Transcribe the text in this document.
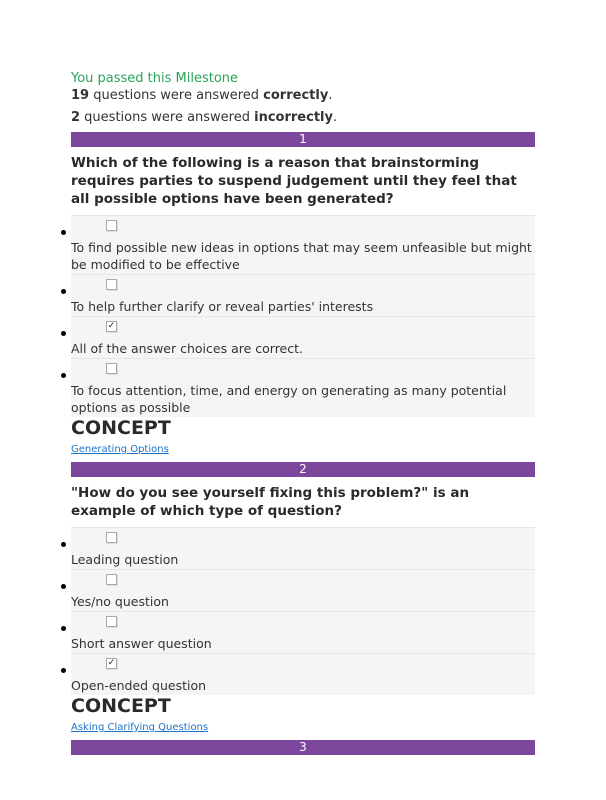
You passed this Milestone
19 questions were answered correctly.
2 questions were answered incorrectly.
1
Which of the following is a reason that brainstorming requires parties to suspend judgement until they feel that all possible options have been generated?
To find possible new ideas in options that may seem unfeasible but might be modified to be effective
To help further clarify or reveal parties' interests
✓
All of the answer choices are correct.
To focus attention, time, and energy on generating as many potential options as possible
CONCEPT
Generating Options
2
"How do you see yourself fixing this problem?" is an example of which type of question?
Leading question
Yes/no question
Short answer question
✓
Open-ended question
CONCEPT
Asking Clarifying Questions
3
